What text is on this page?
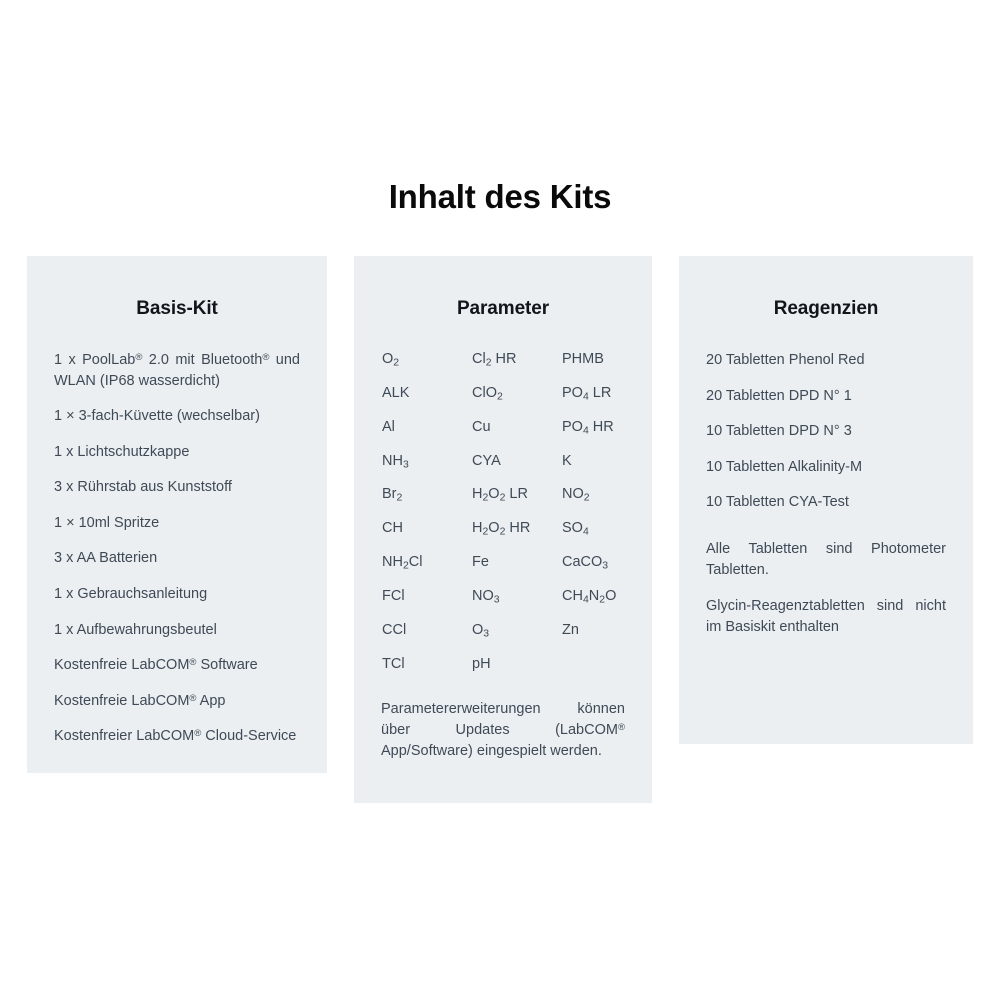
Inhalt des Kits
Basis-Kit
1 x PoolLab® 2.0 mit Bluetooth® und WLAN (IP68 wasserdicht)
1 × 3-fach-Küvette (wechselbar)
1 x Lichtschutzkappe
3 x Rührstab aus Kunststoff
1 × 10ml Spritze
3 x AA Batterien
1 x Gebrauchsanleitung
1 x Aufbewahrungsbeutel
Kostenfreie LabCOM® Software
Kostenfreie LabCOM® App
Kostenfreier LabCOM® Cloud-Service
Parameter
$O_2$	$Cl_2$ HR	PHMB
ALK	ClO$_2$	$PO_4$ LR
Al	Cu	$PO_4$ HR
$NH_3$	CYA	K
$Br_2$	$H_2O_2$ LR	$NO_2$
CH	$H_2O_2$ HR	$SO_4$
$NH_2Cl$	Fe	CaCO$_3$
FCl	$NO_3$	$CH_4N_2O$
CCl	$O_3$	Zn
TCl	pH

Parametererweiterungen können über Updates (LabCOM® App/Software) eingespielt werden.

Reagenzien
20 Tabletten Phenol Red
20 Tabletten DPD N° 1
10 Tabletten DPD N° 3
10 Tabletten Alkalinity-M
10 Tabletten CYA-Test

Alle Tabletten sind Photometer Tabletten.

Glycin-Reagenztabletten sind nicht im Basiskit enthalten
